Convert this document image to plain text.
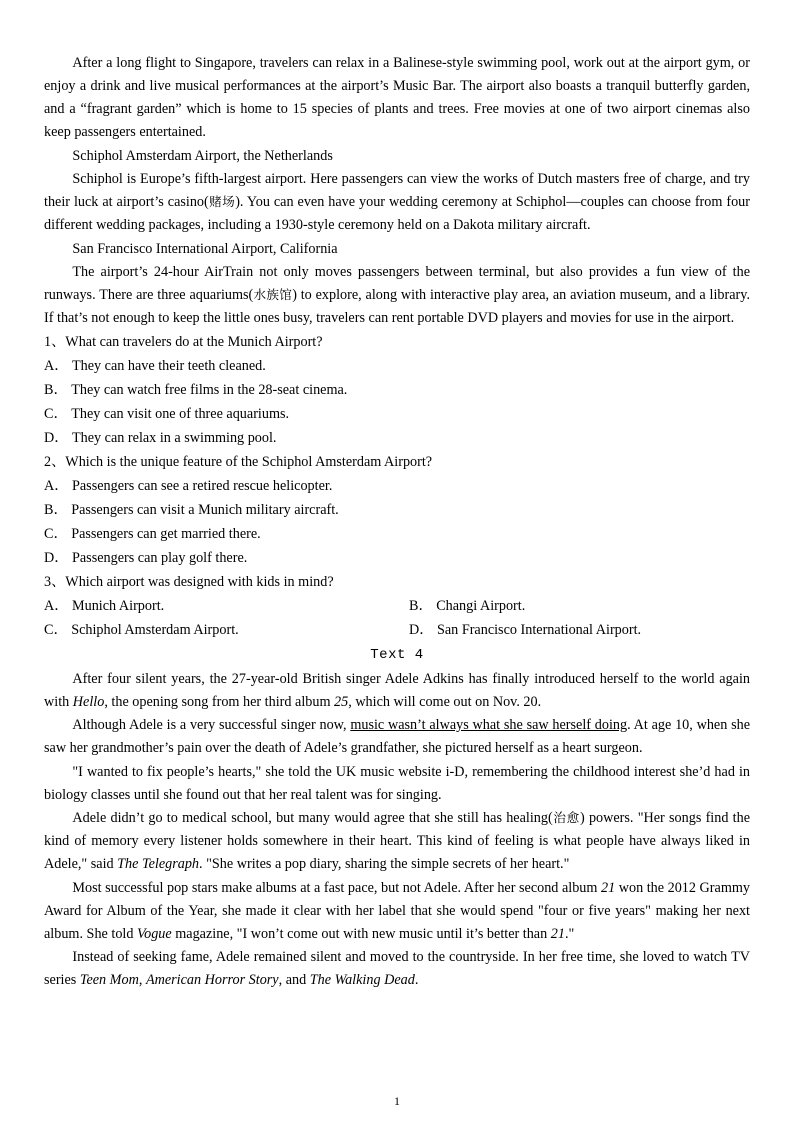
After a long flight to Singapore, travelers can relax in a Balinese-style swimming pool, work out at the airport gym, or enjoy a drink and live musical performances at the airport’s Music Bar. The airport also boasts a tranquil butterfly garden, and a “fragrant garden” which is home to 15 species of plants and trees. Free movies at one of two airport cinemas also keep passengers entertained.

Schiphol Amsterdam Airport, the Netherlands

Schiphol is Europe’s fifth-largest airport. Here passengers can view the works of Dutch masters free of charge, and try their luck at airport’s casino(赌场). You can even have your wedding ceremony at Schiphol—couples can choose from four different wedding packages, including a 1930-style ceremony held on a Dakota military aircraft.

San Francisco International Airport, California

The airport’s 24-hour AirTrain not only moves passengers between terminal, but also provides a fun view of the runways. There are three aquariums(水族馆) to explore, along with interactive play area, an aviation museum, and a library. If that’s not enough to keep the little ones busy, travelers can rent portable DVD players and movies for use in the airport.

1、What can travelers do at the Munich Airport?

A． They can have their teeth cleaned.

B． They can watch free films in the 28-seat cinema.

C． They can visit one of three aquariums.

D． They can relax in a swimming pool.

2、Which is the unique feature of the Schiphol Amsterdam Airport?

A． Passengers can see a retired rescue helicopter.

B． Passengers can visit a Munich military aircraft.

C． Passengers can get married there.

D． Passengers can play golf there.

3、Which airport was designed with kids in mind?

A． Munich Airport.	B． Changi Airport.
C． Schiphol Amsterdam Airport.	D． San Francisco International Airport.

Text 4

After four silent years, the 27-year-old British singer Adele Adkins has finally introduced herself to the world again with Hello, the opening song from her third album 25, which will come out on Nov. 20.

Although Adele is a very successful singer now, music wasn’t always what she saw herself doing. At age 10, when she saw her grandmother’s pain over the death of Adele’s grandfather, she pictured herself as a heart surgeon.

"I wanted to fix people’s hearts," she told the UK music website i-D, remembering the childhood interest she’d had in biology classes until she found out that her real talent was for singing.

Adele didn’t go to medical school, but many would agree that she still has healing(治愈) powers. "Her songs find the kind of memory every listener holds somewhere in their heart. This kind of feeling is what people have always liked in Adele," said The Telegraph. "She writes a pop diary, sharing the simple secrets of her heart."

Most successful pop stars make albums at a fast pace, but not Adele. After her second album 21 won the 2012 Grammy Award for Album of the Year, she made it clear with her label that she would spend "four or five years" making her next album. She told Vogue magazine, "I won’t come out with new music until it’s better than 21."

Instead of seeking fame, Adele remained silent and moved to the countryside. In her free time, she loved to watch TV series Teen Mom, American Horror Story, and The Walking Dead.

1
